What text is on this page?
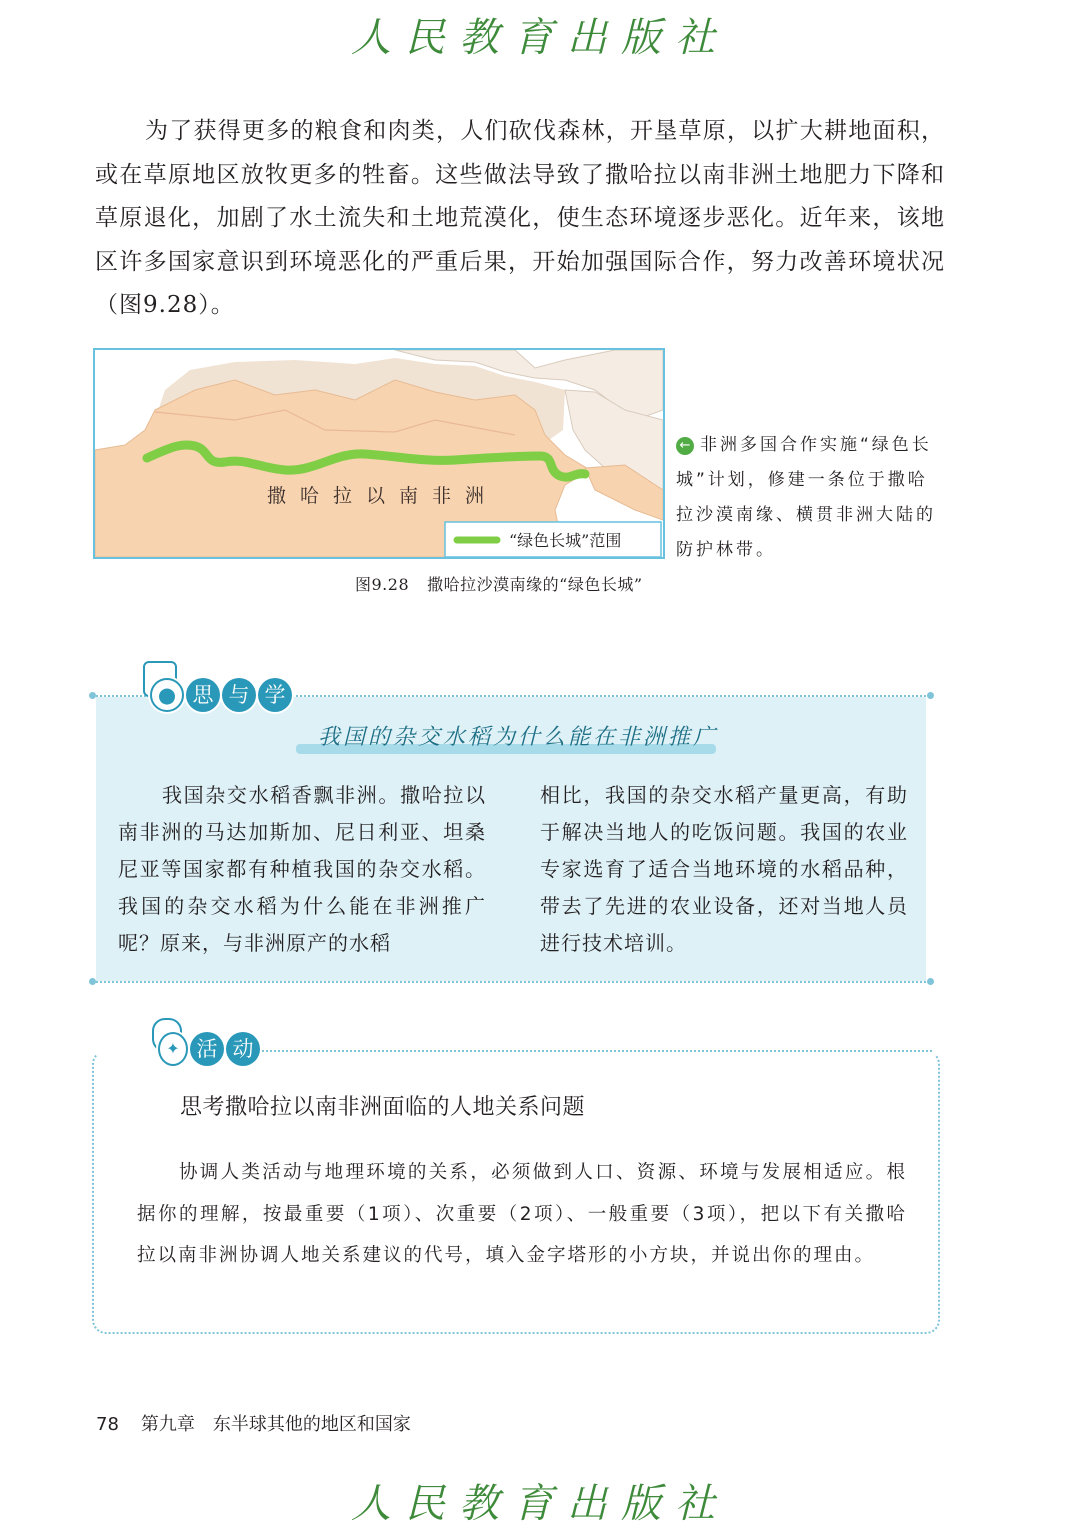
人民教育出版社

为了获得更多的粮食和肉类，人们砍伐森林，开垦草原，以扩大耕地面积，或在草原地区放牧更多的牲畜。这些做法导致了撒哈拉以南非洲土地肥力下降和草原退化，加剧了水土流失和土地荒漠化，使生态环境逐步恶化。近年来，该地区许多国家意识到环境恶化的严重后果，开始加强国际合作，努力改善环境状况（图9.28）。

撒哈拉以南非洲
“绿色长城”范围
← 非洲多国合作实施“绿色长城”计划，修建一条位于撒哈拉沙漠南缘、横贯非洲大陆的防护林带。
图9.28 撒哈拉沙漠南缘的“绿色长城”
● 思 与 学
我国的杂交水稻为什么能在非洲推广

我国杂交水稻香飘非洲。撒哈拉以南非洲的马达加斯加、尼日利亚、坦桑尼亚等国家都有种植我国的杂交水稻。我国的杂交水稻为什么能在非洲推广呢？原来，与非洲原产的水稻

相比，我国的杂交水稻产量更高，有助于解决当地人的吃饭问题。我国的农业专家选育了适合当地环境的水稻品种，带去了先进的农业设备，还对当地人员进行技术培训。

✦ 活 动
思考撒哈拉以南非洲面临的人地关系问题

协调人类活动与地理环境的关系，必须做到人口、资源、环境与发展相适应。根据你的理解，按最重要（1项）、次重要（2项）、一般重要（3项），把以下有关撒哈拉以南非洲协调人地关系建议的代号，填入金字塔形的小方块，并说出你的理由。

78 第九章 东半球其他的地区和国家
人民教育出版社
